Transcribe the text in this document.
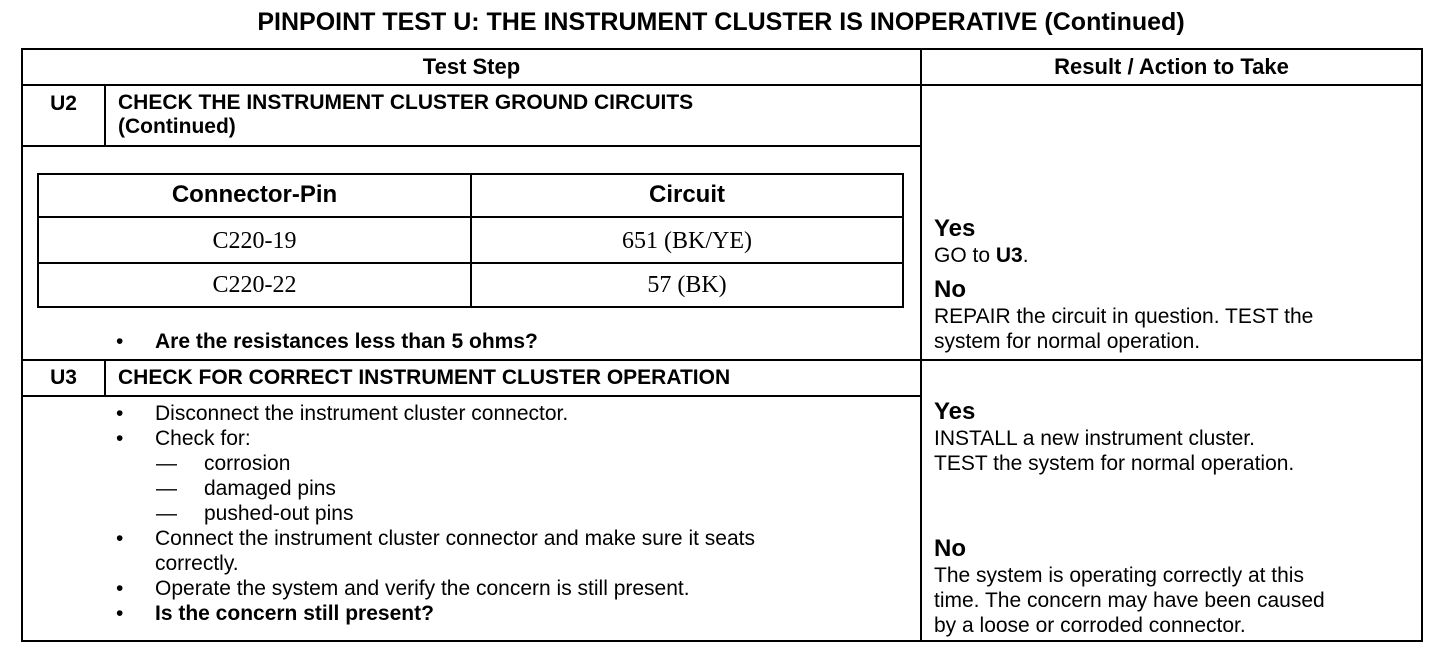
PINPOINT TEST U: THE INSTRUMENT CLUSTER IS INOPERATIVE (Continued)
Test Step	Result / Action to Take
U2	CHECK THE INSTRUMENT CLUSTER GROUND CIRCUITS
(Continued)
Connector-Pin	Circuit
C220-19	651 (BK/YE)
C220-22	57 (BK)
• Are the resistances less than 5 ohms?
Yes
GO to U3.
No
REPAIR the circuit in question. TEST the
system for normal operation.
U3	CHECK FOR CORRECT INSTRUMENT CLUSTER OPERATION
• Disconnect the instrument cluster connector.
• Check for:
— corrosion
— damaged pins
— pushed-out pins
• Connect the instrument cluster connector and make sure it seats
correctly.
• Operate the system and verify the concern is still present.
• Is the concern still present?
Yes
INSTALL a new instrument cluster.
TEST the system for normal operation.
No
The system is operating correctly at this
time. The concern may have been caused
by a loose or corroded connector.
